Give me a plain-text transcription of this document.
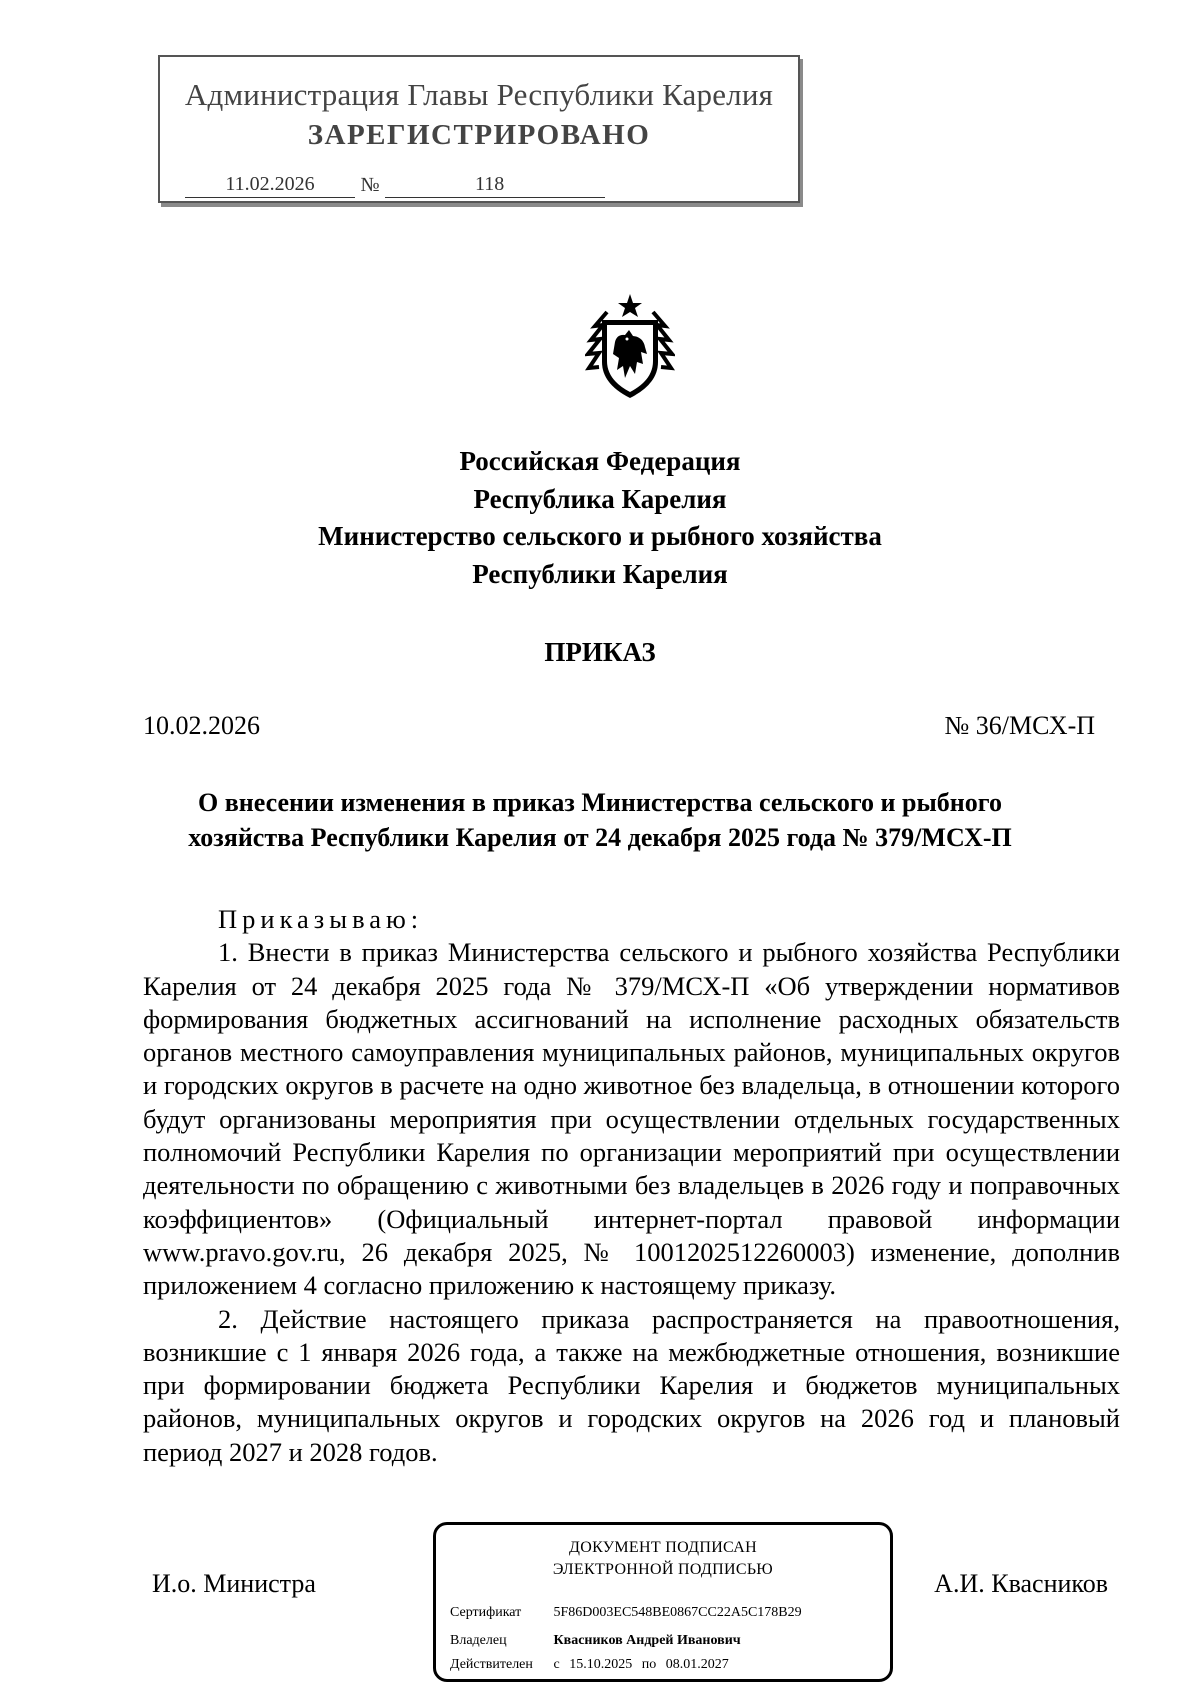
Администрация Главы Республики Карелия
ЗАРЕГИСТРИРОВАНО
11.02.2026	№	118
Российская Федерация
Республика Карелия
Министерство сельского и рыбного хозяйства
Республики Карелия
ПРИКАЗ
10.02.2026	№ 36/МСХ-П
О внесении изменения в приказ Министерства сельского и рыбного
хозяйства Республики Карелия от 24 декабря 2025 года № 379/МСХ-П

Приказываю:

1. Внести в приказ Министерства сельского и рыбного хозяйства Республики Карелия от 24 декабря 2025 года № 379/МСХ-П «Об утверждении нормативов формирования бюджетных ассигнований на исполнение расходных обязательств органов местного самоуправления муниципальных районов, муниципальных округов и городских округов в расчете на одно животное без владельца, в отношении которого будут организованы мероприятия при осуществлении отдельных государственных полномочий Республики Карелия по организации мероприятий при осуществлении деятельности по обращению с животными без владельцев в 2026 году и поправочных коэффициентов» (Официальный интернет-портал правовой информации www.pravo.gov.ru, 26 декабря 2025, № 1001202512260003) изменение, дополнив приложением 4 согласно приложению к настоящему приказу.

2. Действие настоящего приказа распространяется на правоотношения, возникшие с 1 января 2026 года, а также на межбюджетные отношения, возникшие при формировании бюджета Республики Карелия и бюджетов муниципальных районов, муниципальных округов и городских округов на 2026 год и плановый период 2027 и 2028 годов.

И.о. Министра	А.И. Квасников
ДОКУМЕНТ ПОДПИСАН
ЭЛЕКТРОННОЙ ПОДПИСЬЮ
Сертификат 5F86D003EC548BE0867CC22A5C178B29
Владелец	Квасников Андрей Иванович
Действителен с 15.10.2025 по 08.01.2027
